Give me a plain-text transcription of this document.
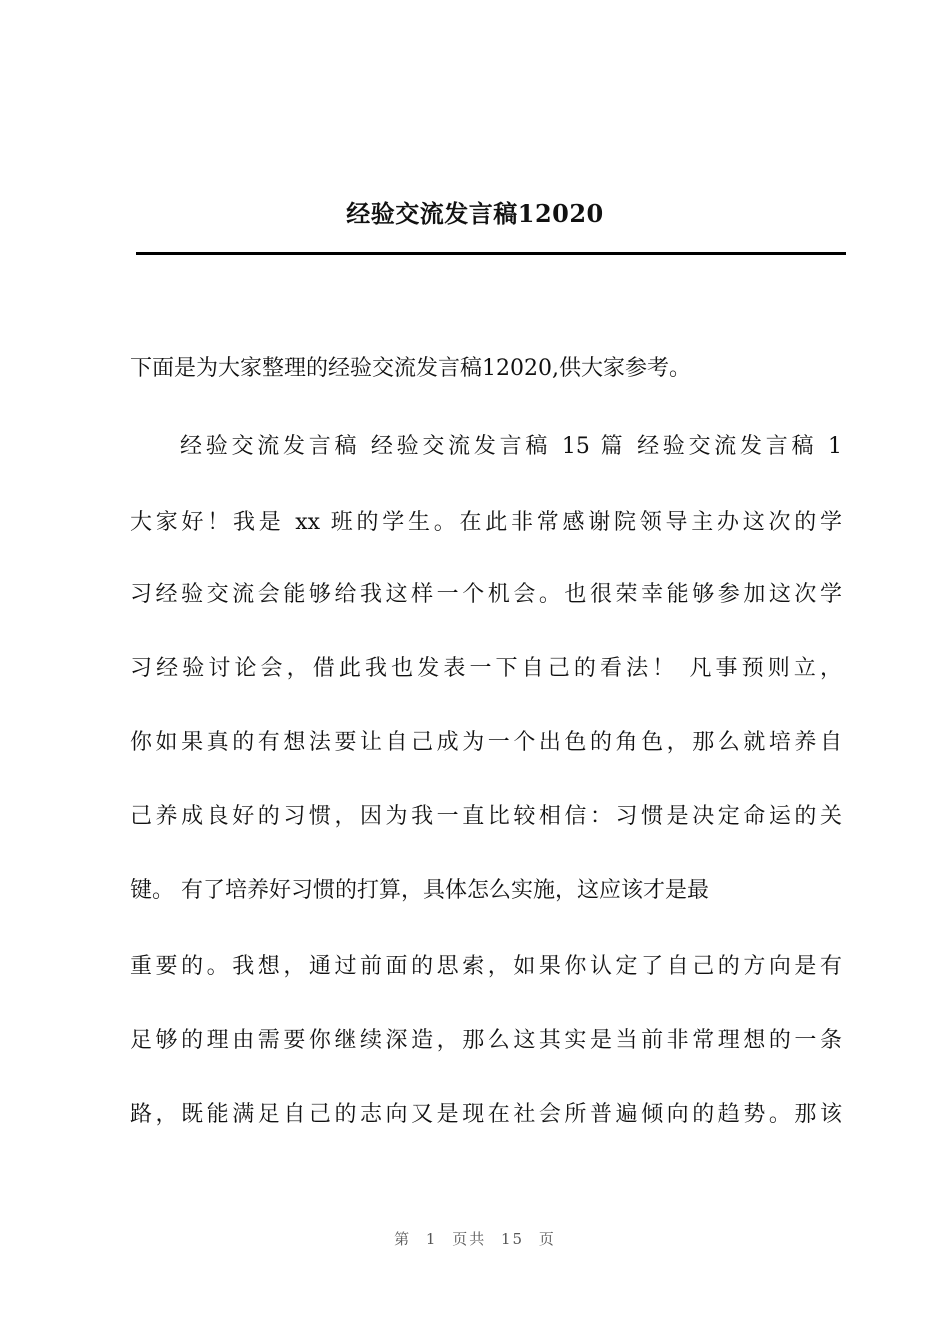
经验交流发言稿12020
下面是为大家整理的经验交流发言稿12020,供大家参考。
经验交流发言稿 经验交流发言稿 15 篇 经验交流发言稿 1
大家好！我是 xx 班的学生。在此非常感谢院领导主办这次的学
习经验交流会能够给我这样一个机会。也很荣幸能够参加这次学
习经验讨论会，借此我也发表一下自己的看法！ 凡事预则立，
你如果真的有想法要让自己成为一个出色的角色，那么就培养自
己养成良好的习惯，因为我一直比较相信：习惯是决定命运的关
键。 有了培养好习惯的打算，具体怎么实施，这应该才是最
重要的。我想，通过前面的思索，如果你认定了自己的方向是有
足够的理由需要你继续深造，那么这其实是当前非常理想的一条
路，既能满足自己的志向又是现在社会所普遍倾向的趋势。那该
第 1 页共 15 页
